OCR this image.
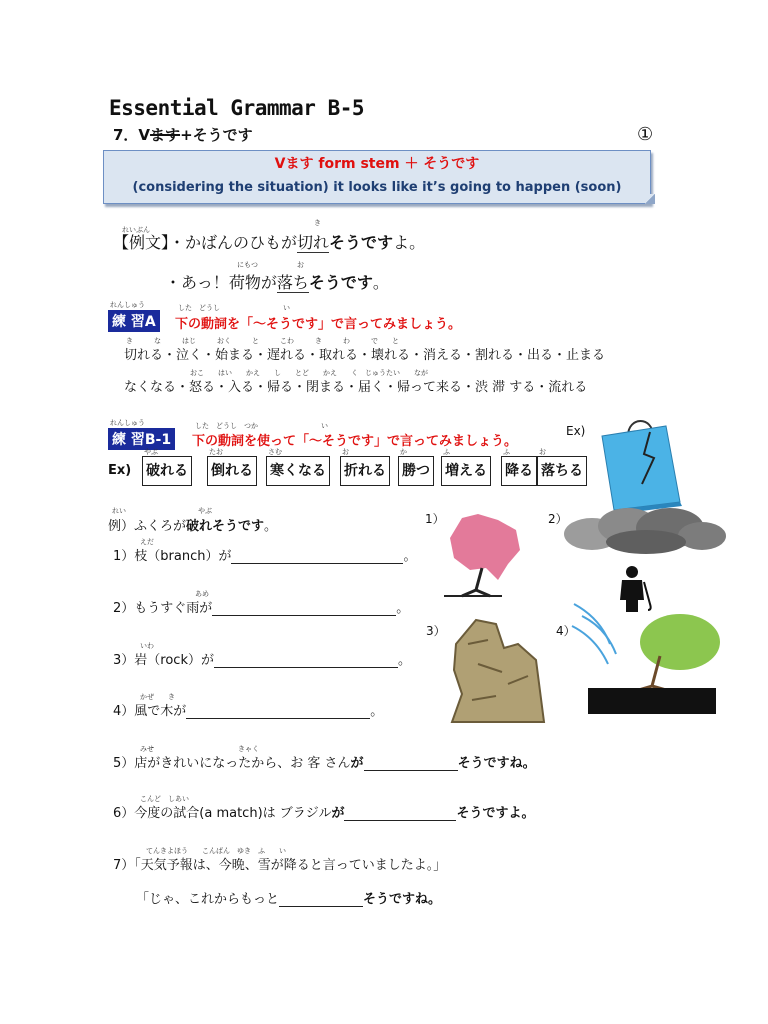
Essential Grammar B-5
7．Vます+そうです	①
Vます form stem ＋ そうです
(considering the situation) it looks like it’s going to happen (soon)
れいぶん
き
【例文】・かばんのひもが切れそうですよ。
にもつ	お
・あっ！荷物が落ちそうです。
れんしゅう
練 習A
した　どうし　　　　　　　　　い
下の動詞を「～そうです」で言ってみましょう。
き　　　な　　　はじ　　　おく　　　と　　　こわ　　　き　　　わ　　　で　　と
切れる・泣く・始まる・遅れる・取れる・壊れる・消える・割れる・出る・止まる
おこ　　はい　　かえ　　し　　とど　　かえ　　く　じゅうたい　　なが
なくなる・怒る・入る・帰る・閉まる・届く・帰って来る・渋 滞 する・流れる
れんしゅう
練 習B-1
した　どうし　つか　　　　　　　　　い
下の動詞を使って「～そうです」で言ってみましょう。
Ex)
やぶ
破れる
たお
倒れる
さむ
寒くなる
お
折れる
か
勝つ
ふ
増える
ふ
降る
お
落ちる
れい	やぶ
例）ふくろが破れそうです。
えだ
1）枝（branch）が	。
あめ
2）もうすぐ雨が	。
いわ
3）岩（rock）が	。
かぜ　　き
4）風で木が	。
みせ　　　　　　　　　　　　きゃく
5）店がきれいになったから、お 客 さんが	そうですね。
こんど　しあい
6）今度の試合(a match)は ブラジルが	そうですよ。
てんきよほう　　こんばん　ゆき　ふ　　い
7）「天気予報は、今晩、雪が降ると言っていましたよ。」
「じゃ、これからもっと	そうですね。
Ex)
1）	2）
3）	4）
